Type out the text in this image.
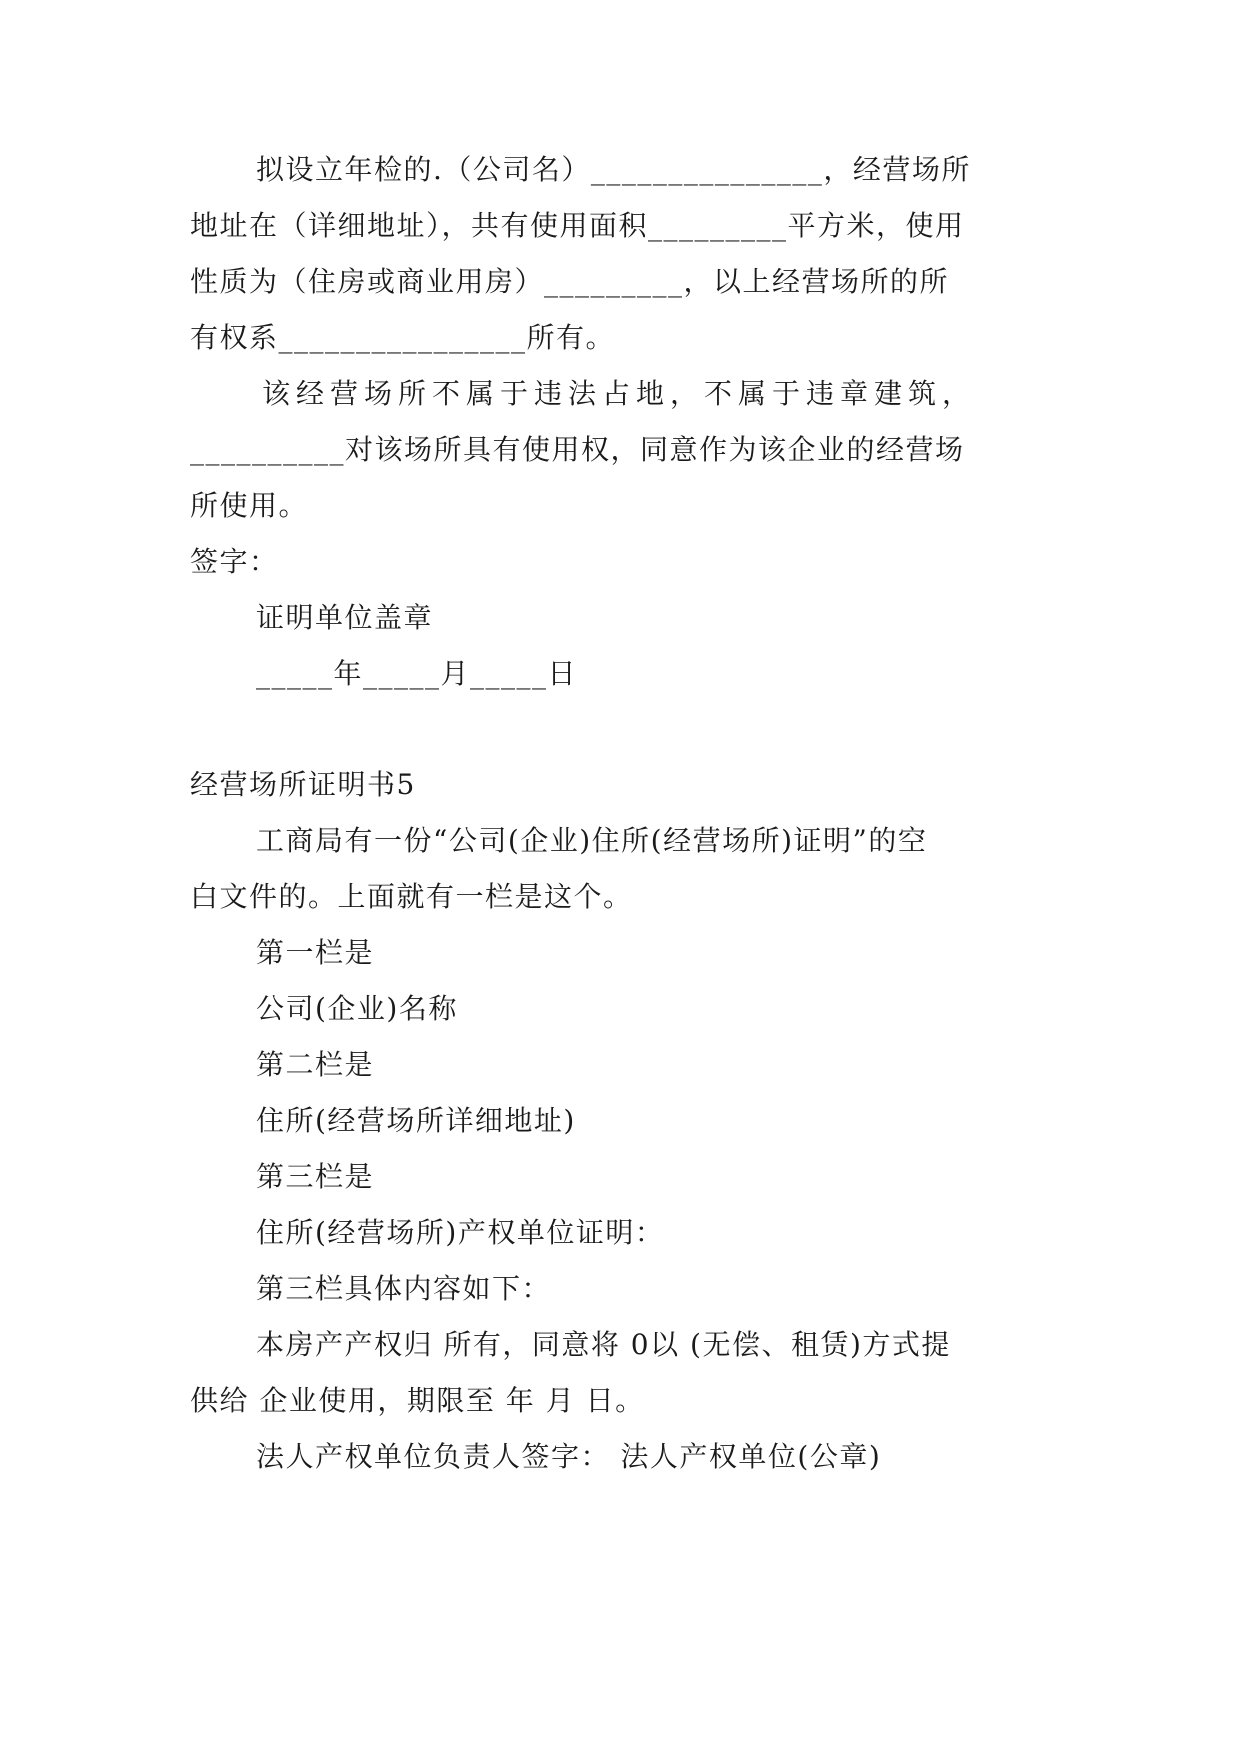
拟设立年检的.（公司名）_______________，经营场所
地址在（详细地址），共有使用面积_________平方米，使用
性质为（住房或商业用房）_________，以上经营场所的所
有权系________________所有。
该经营场所不属于违法占地，不属于违章建筑，
__________对该场所具有使用权，同意作为该企业的经营场
所使用。
签字：
证明单位盖章
_____年_____月_____日
经营场所证明书5
工商局有一份“公司(企业)住所(经营场所)证明”的空
白文件的。上面就有一栏是这个。
第一栏是
公司(企业)名称
第二栏是
住所(经营场所详细地址)
第三栏是
住所(经营场所)产权单位证明：
第三栏具体内容如下：
本房产产权归 所有，同意将 0以 (无偿、租赁)方式提
供给 企业使用，期限至 年 月 日。
法人产权单位负责人签字： 法人产权单位(公章)
